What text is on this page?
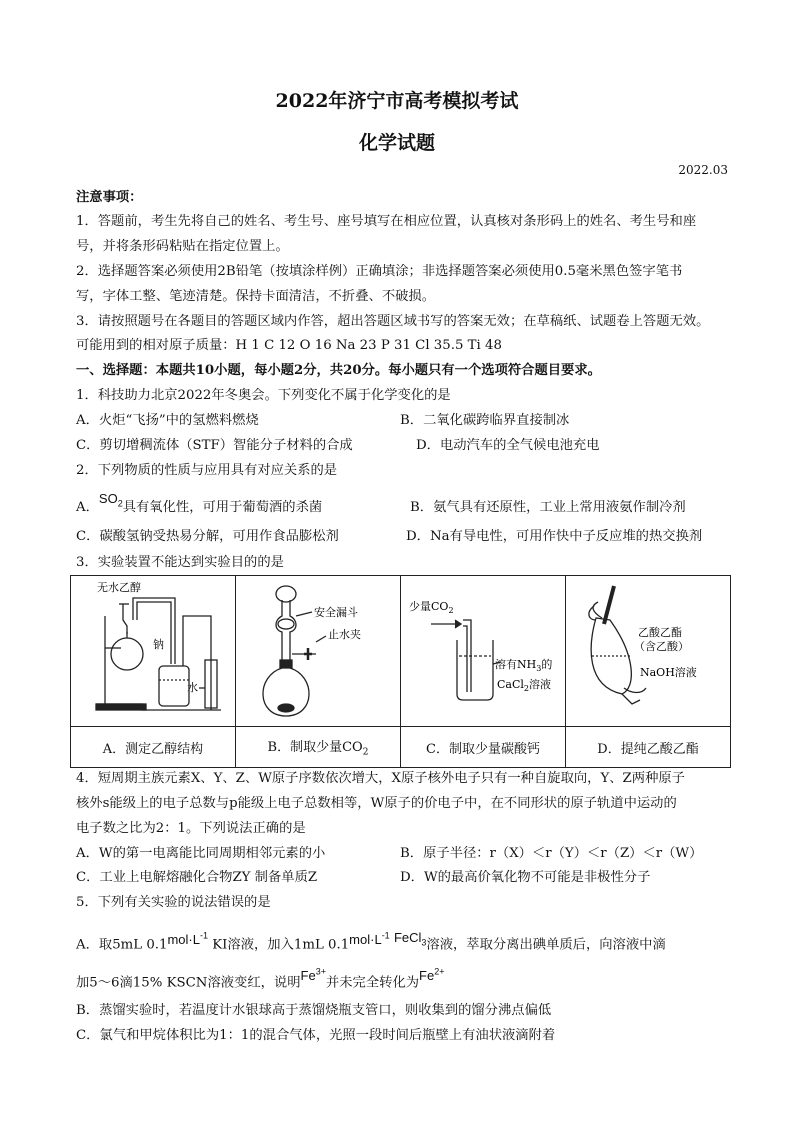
2022年济宁市高考模拟考试
化学试题
2022.03
注意事项：
1．答题前，考生先将自己的姓名、考生号、座号填写在相应位置，认真核对条形码上的姓名、考生号和座
号，并将条形码粘贴在指定位置上。
2．选择题答案必须使用2B铅笔（按填涂样例）正确填涂；非选择题答案必须使用0.5毫米黑色签字笔书
写，字体工整、笔迹清楚。保持卡面清洁，不折叠、不破损。
3．请按照题号在各题目的答题区域内作答，超出答题区域书写的答案无效；在草稿纸、试题卷上答题无效。
可能用到的相对原子质量：H 1 C 12 O 16 Na 23 P 31 Cl 35.5 Ti 48
一、选择题：本题共10小题，每小题2分，共20分。每小题只有一个选项符合题目要求。
1．科技助力北京2022年冬奥会。下列变化不属于化学变化的是
A．火炬“飞扬”中的氢燃料燃烧	B．二氧化碳跨临界直接制冰
C．剪切增稠流体（STF）智能分子材料的合成	D．电动汽车的全气候电池充电
2．下列物质的性质与应用具有对应关系的是
A．$SO_2$具有氧化性，可用于葡萄酒的杀菌	B．氨气具有还原性，工业上常用液氨作制冷剂
C．碳酸氢钠受热易分解，可用作食品膨松剂	D．Na有导电性，可用作快中子反应堆的热交换剂
3．实验装置不能达到实验目的的是
无水乙醇
钠
水	安全漏斗
止水夹	少量$CO_2$
溶有$NH_3$的
CaCl$_2$溶液	乙酸乙酯
（含乙酸）
NaOH溶液

A．测定乙醇结构	B．制取少量$CO_2$	C．制取少量碳酸钙	D．提纯乙酸乙酯
4．短周期主族元素X、Y、Z、W原子序数依次增大，X原子核外电子只有一种自旋取向，Y、Z两种原子
核外s能级上的电子总数与p能级上电子总数相等，W原子的价电子中，在不同形状的原子轨道中运动的
电子数之比为2：1。下列说法正确的是
A．W的第一电离能比同周期相邻元素的小	B．原子半径：r（X）＜r（Y）＜r（Z）＜r（W）
C．工业上电解熔融化合物ZY 制备单质Z	D．W的最高价氧化物不可能是非极性分子
5．下列有关实验的说法错误的是
A．取5mL $0.1mol\cdot L^{-1}$ KI溶液，加入1mL $0.1mol\cdot L^{-1}$ FeCl$_3$溶液，萃取分离出碘单质后，向溶液中滴
加5～6滴15% KSCN溶液变红，说明$Fe^{3+}$并未完全转化为$Fe^{2+}$
B．蒸馏实验时，若温度计水银球高于蒸馏烧瓶支管口，则收集到的馏分沸点偏低
C．氯气和甲烷体积比为1：1的混合气体，光照一段时间后瓶壁上有油状液滴附着
